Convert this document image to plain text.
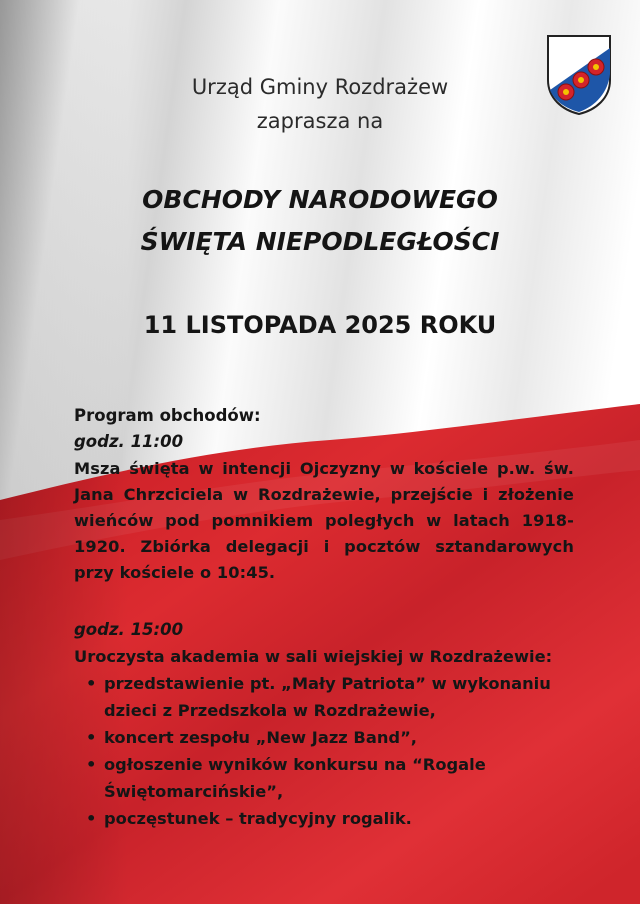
Urząd Gminy Rozdrażew
zaprasza na
OBCHODY NARODOWEGO
ŚWIĘTA NIEPODLEGŁOŚCI
11 LISTOPADA 2025 ROKU
Program obchodów:
godz. 11:00
Msza święta w intencji Ojczyzny w kościele p.w. św. Jana Chrzciciela w Rozdrażewie, przejście i złożenie wieńców pod pomnikiem poległych w latach 1918-1920. Zbiórka delegacji i pocztów sztandarowych przy kościele o 10:45.
godz. 15:00
Uroczysta akademia w sali wiejskiej w Rozdrażewie:
• przedstawienie pt. „Mały Patriota” w wykonaniu dzieci z Przedszkola w Rozdrażewie,
• koncert zespołu „New Jazz Band”,
• ogłoszenie wyników konkursu na “Rogale Świętomarcińskie”,
• poczęstunek – tradycyjny rogalik.
